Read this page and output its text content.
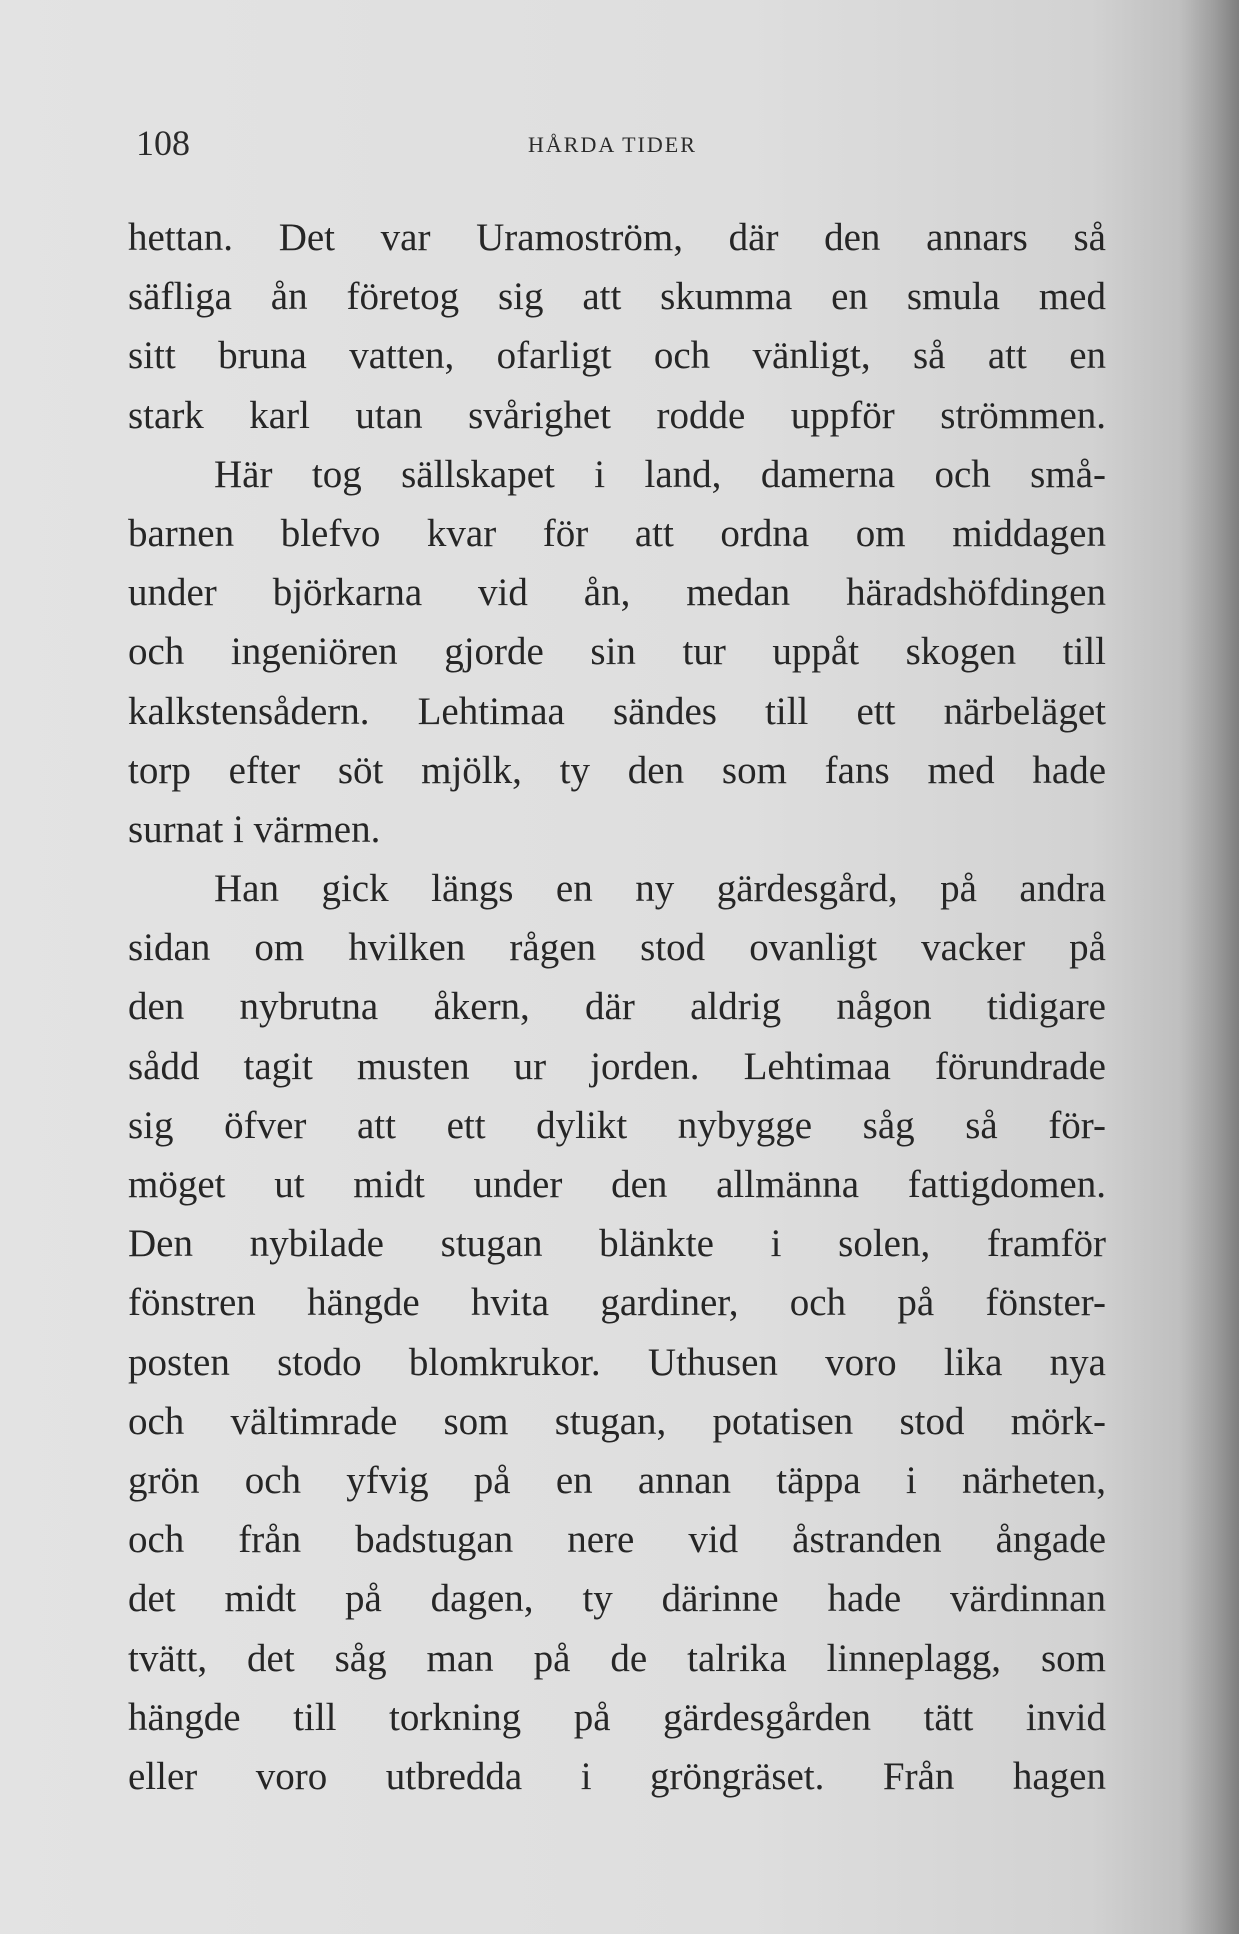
108	HÅRDA TIDER
hettan. Det var Uramoström, där den annars så
säfliga ån företog sig att skumma en smula med
sitt bruna vatten, ofarligt och vänligt, så att en
stark karl utan svårighet rodde uppför strömmen.
Här tog sällskapet i land, damerna och små-
barnen blefvo kvar för att ordna om middagen
under björkarna vid ån, medan häradshöfdingen
och ingeniören gjorde sin tur uppåt skogen till
kalkstensådern. Lehtimaa sändes till ett närbeläget
torp efter söt mjölk, ty den som fans med hade
surnat i värmen.
Han gick längs en ny gärdesgård, på andra
sidan om hvilken rågen stod ovanligt vacker på
den nybrutna åkern, där aldrig någon tidigare
sådd tagit musten ur jorden. Lehtimaa förundrade
sig öfver att ett dylikt nybygge såg så för-
möget ut midt under den allmänna fattigdomen.
Den nybilade stugan blänkte i solen, framför
fönstren hängde hvita gardiner, och på fönster-
posten stodo blomkrukor. Uthusen voro lika nya
och vältimrade som stugan, potatisen stod mörk-
grön och yfvig på en annan täppa i närheten,
och från badstugan nere vid åstranden ångade
det midt på dagen, ty därinne hade värdinnan
tvätt, det såg man på de talrika linneplagg, som
hängde till torkning på gärdesgården tätt invid
eller voro utbredda i gröngräset. Från hagen
